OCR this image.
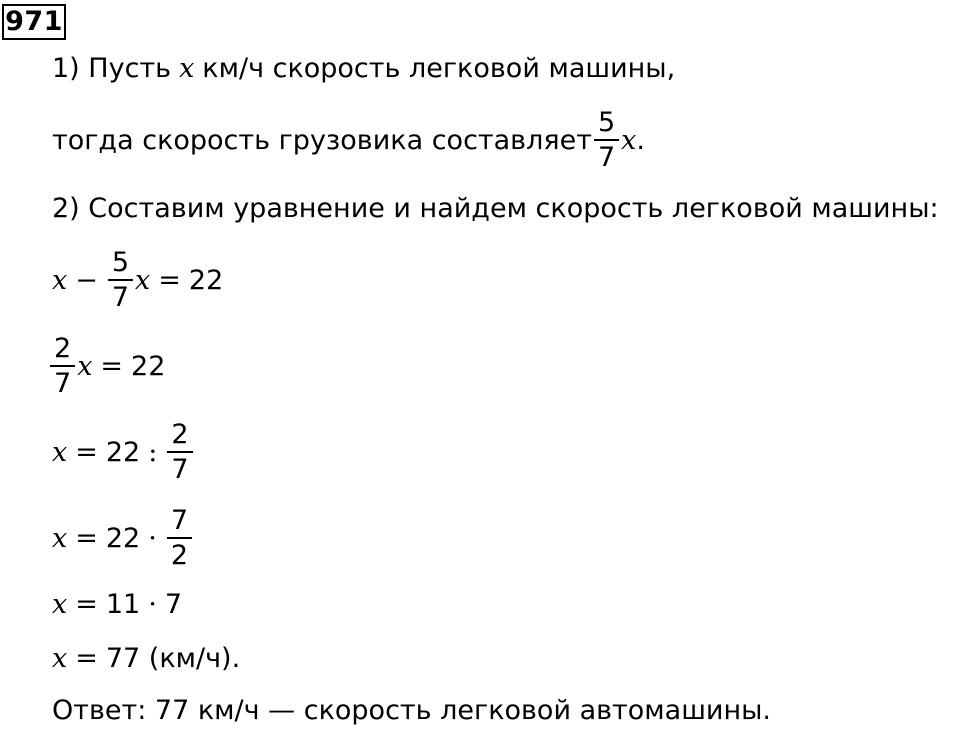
971
1) Пусть x км/ч скорость легковой машины,
тогда скорость грузовика составляет $\frac{5}{7}$ x .
2) Составим уравнение и найдем скорость легковой машины:
$x - \frac{5}{7}$ x = 22
$\frac{2}{7}$ x = 22
x = 22 : $\frac{2}{7}$
$x = 22 \cdot \frac{7}{2}$
x = 11 · 7
x = 77 (км/ч).
Ответ: 77 км/ч — скорость легковой автомашины.
